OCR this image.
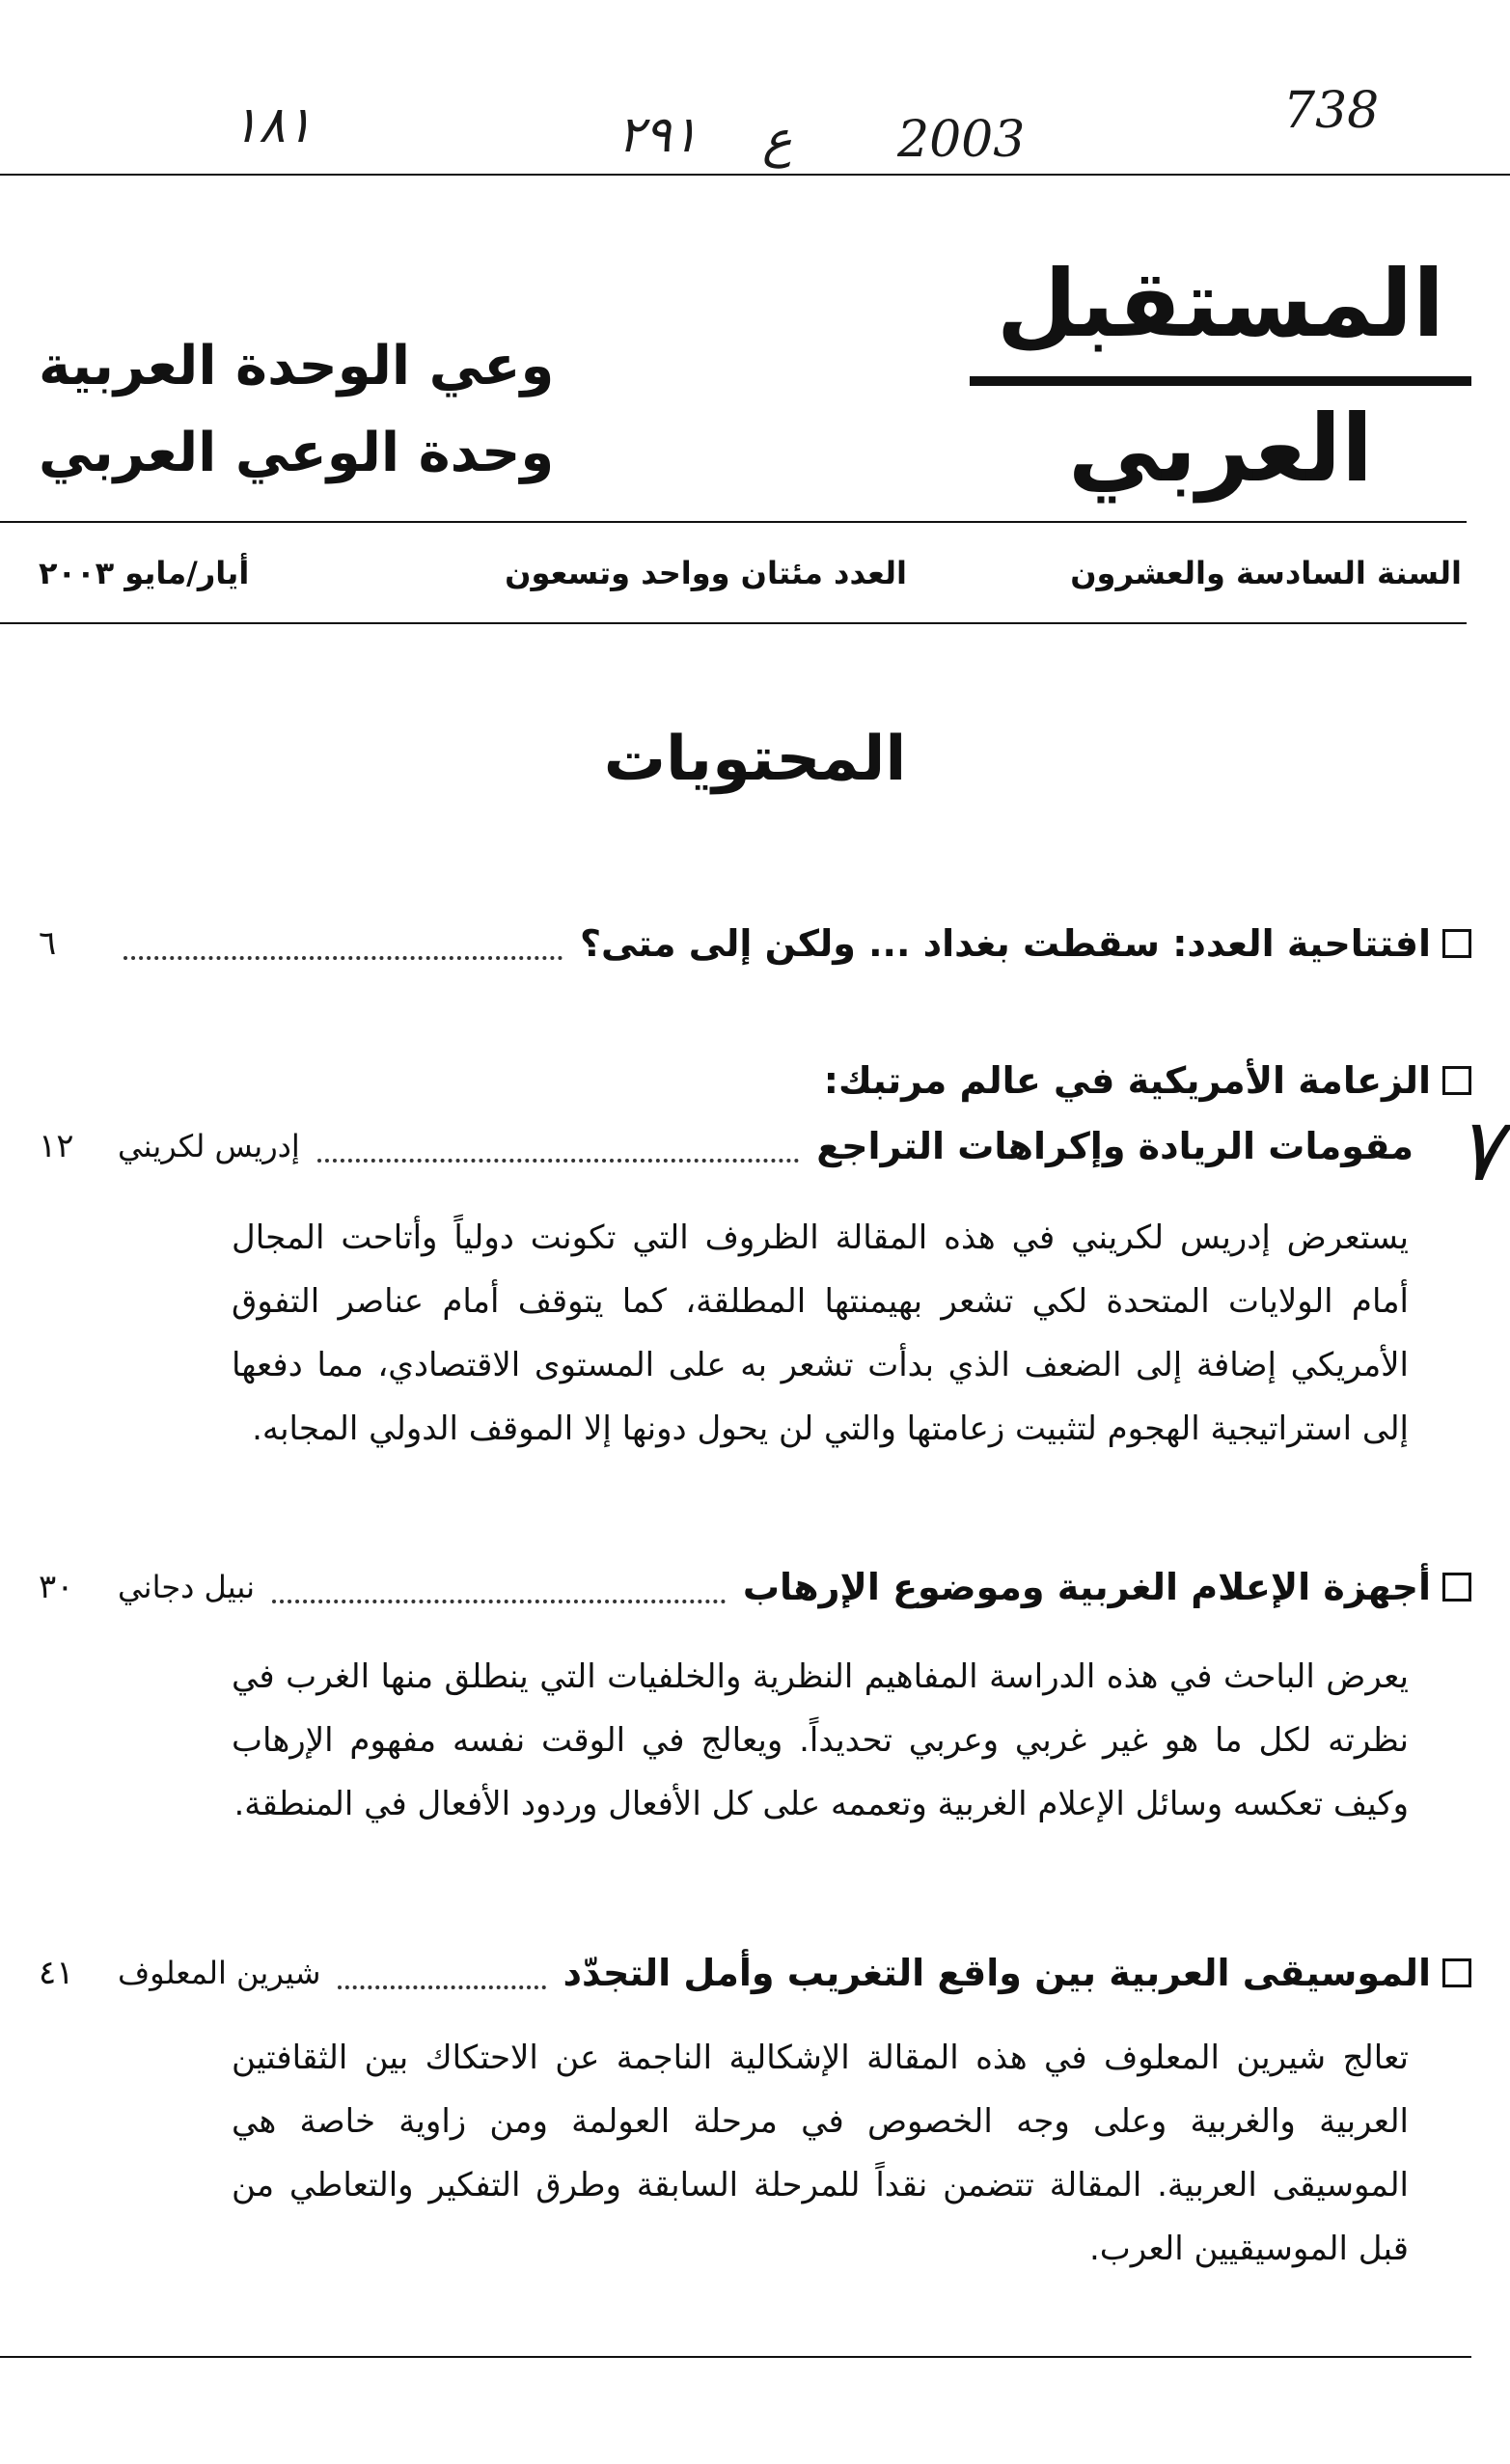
١٨١	٢٩١ ع 2003	738
المستقبل العربي
وعي الوحدة العربية
وحدة الوعي العربي
السنة السادسة والعشرون
العدد مئتان وواحد وتسعون
أيار/مايو ٢٠٠٣
المحتويات
افتتاحية العدد: سقطت بغداد ... ولكن إلى متى؟
٦
الزعامة الأمريكية في عالم مرتبك:
٧
مقومات الريادة وإكراهات التراجع
إدريس لكريني
١٢
يستعرض إدريس لكريني في هذه المقالة الظروف التي تكونت دولياً وأتاحت المجال أمام الولايات المتحدة لكي تشعر بهيمنتها المطلقة، كما يتوقف أمام عناصر التفوق الأمريكي إضافة إلى الضعف الذي بدأت تشعر به على المستوى الاقتصادي، مما دفعها إلى استراتيجية الهجوم لتثبيت زعامتها والتي لن يحول دونها إلا الموقف الدولي المجابه.
أجهزة الإعلام الغربية وموضوع الإرهاب
نبيل دجاني
٣٠
يعرض الباحث في هذه الدراسة المفاهيم النظرية والخلفيات التي ينطلق منها الغرب في نظرته لكل ما هو غير غربي وعربي تحديداً. ويعالج في الوقت نفسه مفهوم الإرهاب وكيف تعكسه وسائل الإعلام الغربية وتعممه على كل الأفعال وردود الأفعال في المنطقة.
الموسيقى العربية بين واقع التغريب وأمل التجدّد
شيرين المعلوف
٤١
تعالج شيرين المعلوف في هذه المقالة الإشكالية الناجمة عن الاحتكاك بين الثقافتين العربية والغربية وعلى وجه الخصوص في مرحلة العولمة ومن زاوية خاصة هي الموسيقى العربية. المقالة تتضمن نقداً للمرحلة السابقة وطرق التفكير والتعاطي من قبل الموسيقيين العرب.
